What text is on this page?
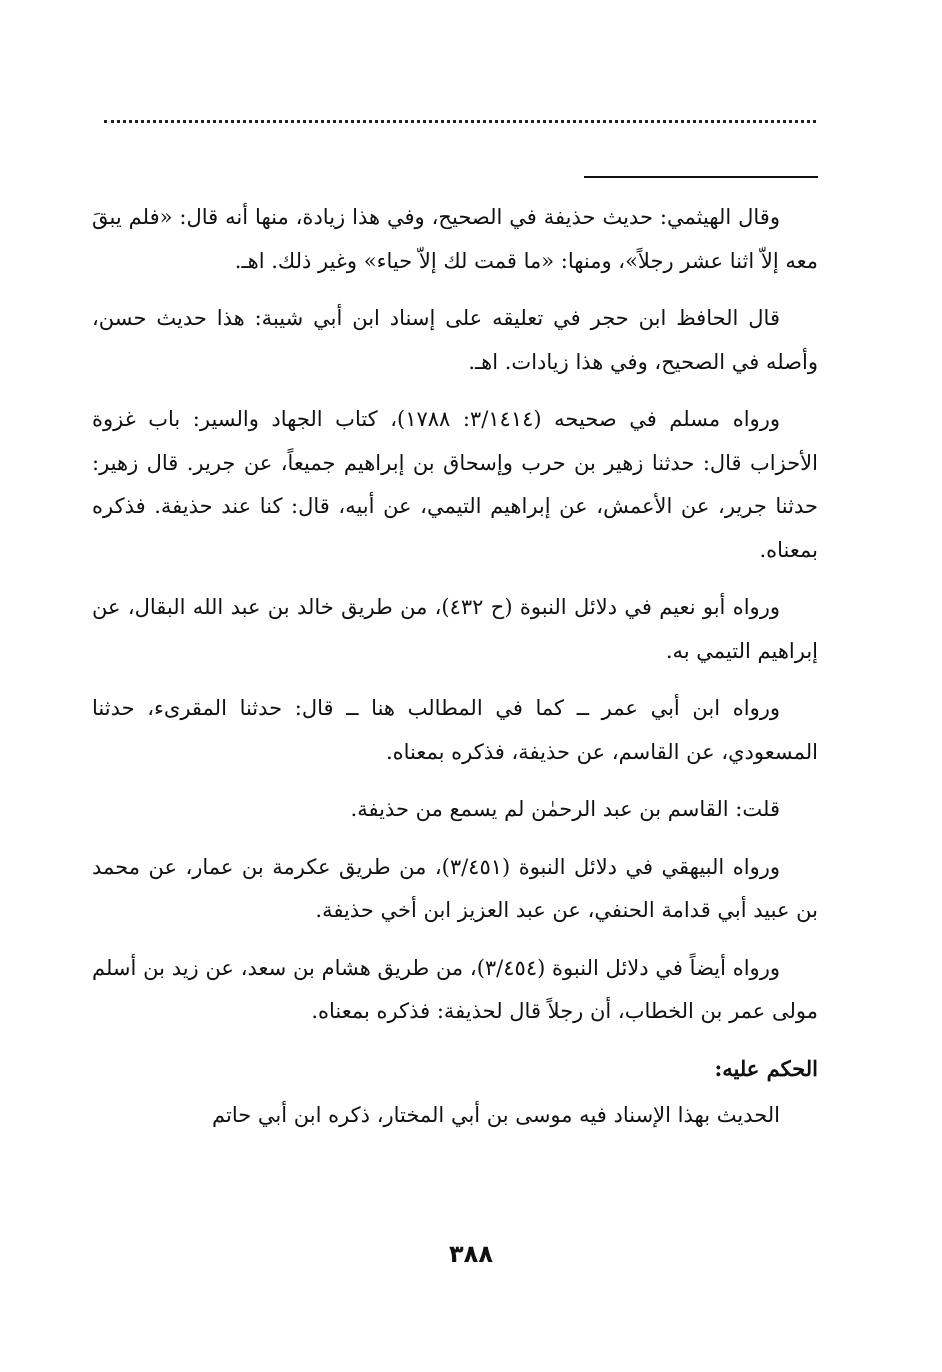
وقال الهيثمي: حديث حذيفة في الصحيح، وفي هذا زيادة، منها أنه قال: «فلم يبقَ معه إلاّ اثنا عشر رجلاً»، ومنها: «ما قمت لك إلاّ حياء» وغير ذلك. اهـ.

قال الحافظ ابن حجر في تعليقه على إسناد ابن أبي شيبة: هذا حديث حسن، وأصله في الصحيح، وفي هذا زيادات. اهـ.

ورواه مسلم في صحيحه (٣/١٤١٤: ١٧٨٨)، كتاب الجهاد والسير: باب غزوة الأحزاب قال: حدثنا زهير بن حرب وإسحاق بن إبراهيم جميعاً، عن جرير. قال زهير: حدثنا جرير، عن الأعمش، عن إبراهيم التيمي، عن أبيه، قال: كنا عند حذيفة. فذكره بمعناه.

ورواه أبو نعيم في دلائل النبوة (ح ٤٣٢)، من طريق خالد بن عبد الله البقال، عن إبراهيم التيمي به.

ورواه ابن أبي عمر ــ كما في المطالب هنا ــ قال: حدثنا المقرىء، حدثنا المسعودي، عن القاسم، عن حذيفة، فذكره بمعناه.

قلت: القاسم بن عبد الرحمٰن لم يسمع من حذيفة.

ورواه البيهقي في دلائل النبوة (٣/٤٥١)، من طريق عكرمة بن عمار، عن محمد بن عبيد أبي قدامة الحنفي، عن عبد العزيز ابن أخي حذيفة.

ورواه أيضاً في دلائل النبوة (٣/٤٥٤)، من طريق هشام بن سعد، عن زيد بن أسلم مولى عمر بن الخطاب، أن رجلاً قال لحذيفة: فذكره بمعناه.

الحكم عليه:

الحديث بهذا الإسناد فيه موسى بن أبي المختار، ذكره ابن أبي حاتم

٣٨٨
